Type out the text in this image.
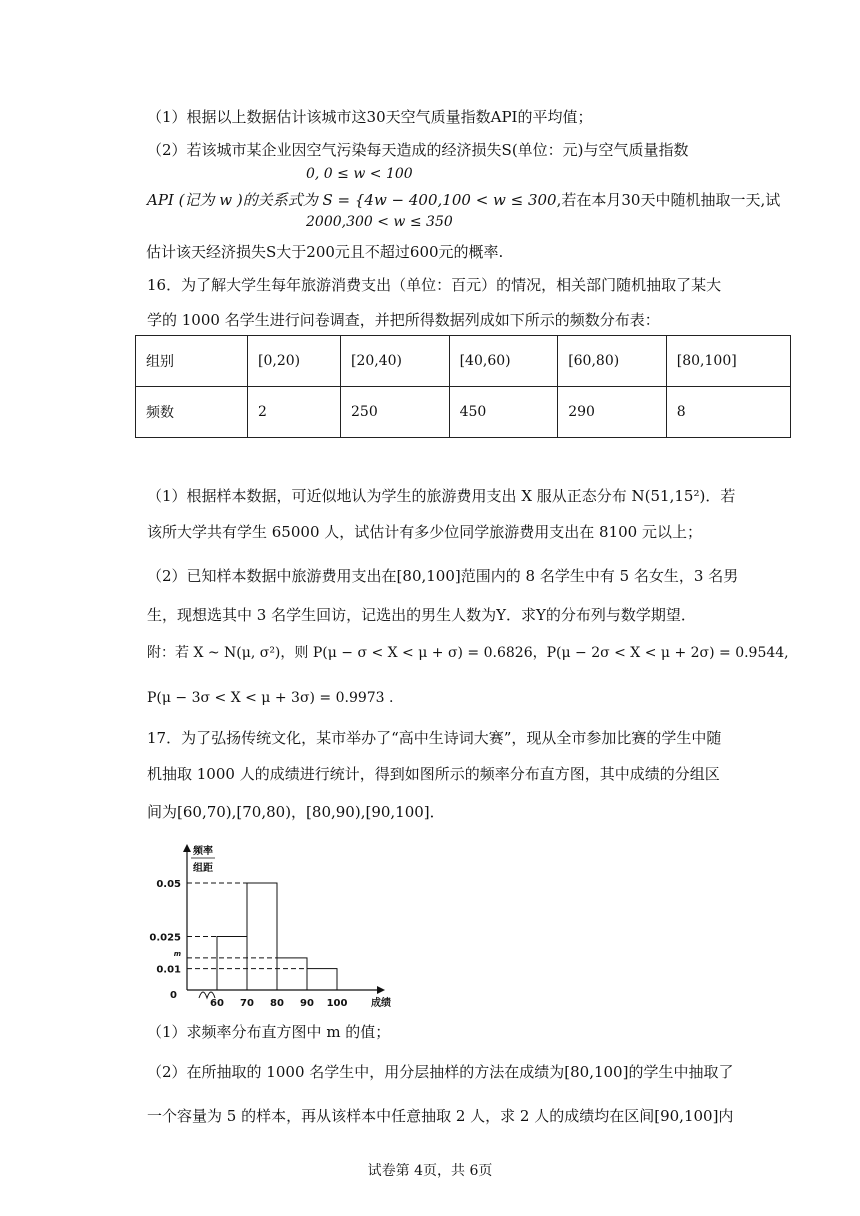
（1）根据以上数据估计该城市这30天空气质量指数API的平均值；
（2）若该城市某企业因空气污染每天造成的经济损失S(单位：元)与空气质量指数
0, 0 ≤ w < 100
2000,300 < w ≤ 350
API (记为 w )的关系式为 S = {4w − 400,100 < w ≤ 300,若在本月30天中随机抽取一天,试
估计该天经济损失S大于200元且不超过600元的概率.
16．为了解大学生每年旅游消费支出（单位：百元）的情况，相关部门随机抽取了某大
学的 1000 名学生进行问卷调查，并把所得数据列成如下所示的频数分布表：
组别	[0,20)	[20,40)	[40,60)	[60,80)	[80,100]
频数	2	250	450	290	8
（1）根据样本数据，可近似地认为学生的旅游费用支出 X 服从正态分布 N(51,15²)．若
该所大学共有学生 65000 人，试估计有多少位同学旅游费用支出在 8100 元以上；
（2）已知样本数据中旅游费用支出在[80,100]范围内的 8 名学生中有 5 名女生，3 名男
生，现想选其中 3 名学生回访，记选出的男生人数为Y．求Y的分布列与数学期望．
附：若 X ~ N(μ, σ²)，则 P(μ − σ < X < μ + σ) = 0.6826，P(μ − 2σ < X < μ + 2σ) = 0.9544,
P(μ − 3σ < X < μ + 3σ) = 0.9973 .
17．为了弘扬传统文化，某市举办了“高中生诗词大赛”，现从全市参加比赛的学生中随
机抽取 1000 人的成绩进行统计，得到如图所示的频率分布直方图，其中成绩的分组区
间为[60,70),[70,80)，[80,90),[90,100]．
频率
组距
0.05
0.025
m
0.01
0
60 70 80 90 100 成绩
（1）求频率分布直方图中 m 的值；
（2）在所抽取的 1000 名学生中，用分层抽样的方法在成绩为[80,100]的学生中抽取了
一个容量为 5 的样本，再从该样本中任意抽取 2 人，求 2 人的成绩均在区间[90,100]内
试卷第 4页，共 6页
